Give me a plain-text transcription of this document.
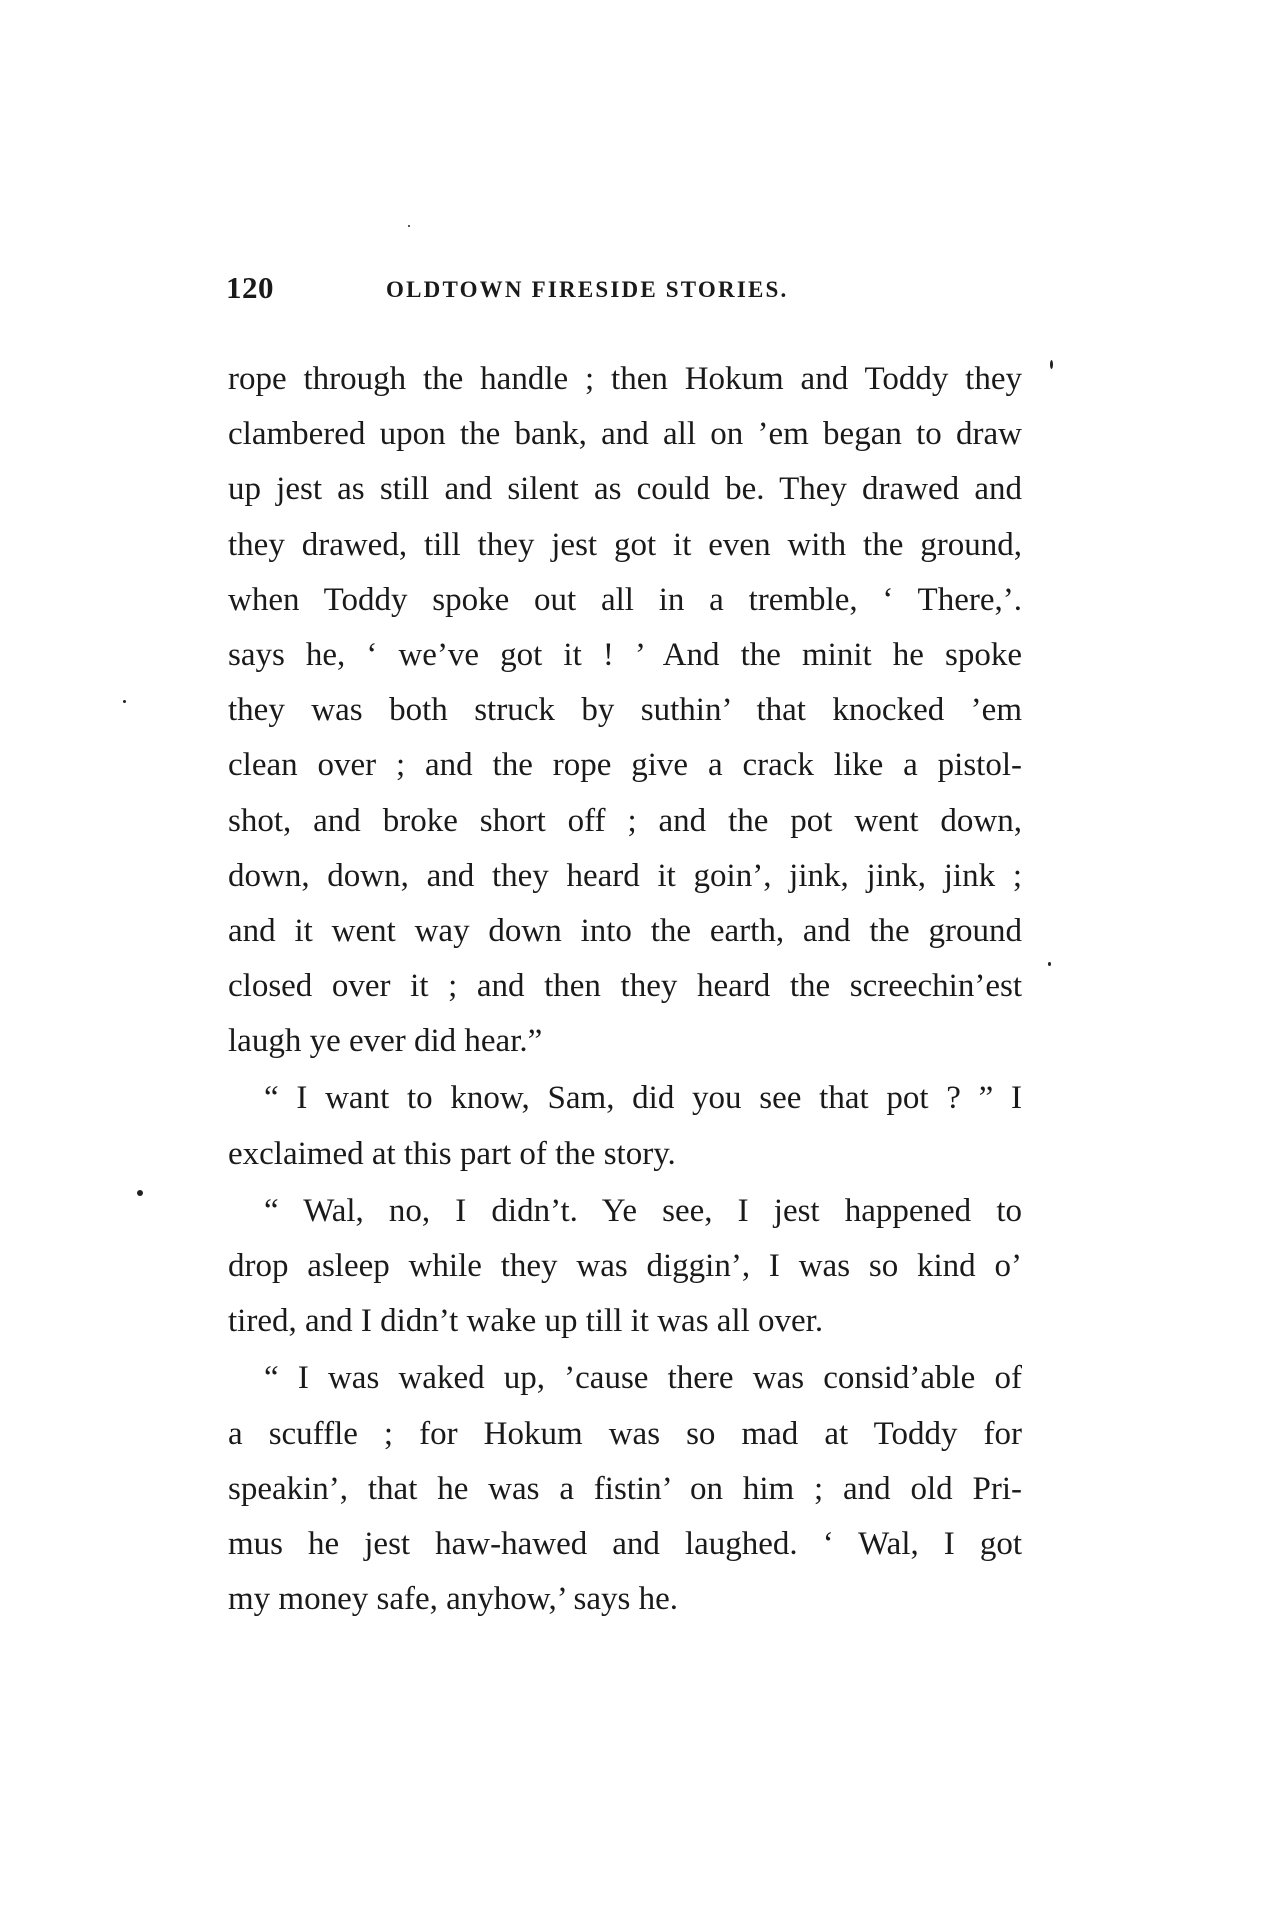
120	OLDTOWN FIRESIDE STORIES.
rope through the handle ; then Hokum and Toddy they
clambered upon the bank, and all on ’em began to draw
up jest as still and silent as could be. They drawed and
they drawed, till they jest got it even with the ground,
when Toddy spoke out all in a tremble, ‘ There,’.
says he, ‘ we’ve got it ! ’ And the minit he spoke
they was both struck by suthin’ that knocked ’em
clean over ; and the rope give a crack like a pistol-
shot, and broke short off ; and the pot went down,
down, down, and they heard it goin’, jink, jink, jink ;
and it went way down into the earth, and the ground
closed over it ; and then they heard the screechin’est
laugh ye ever did hear.”
“ I want to know, Sam, did you see that pot ? ” I
exclaimed at this part of the story.
“ Wal, no, I didn’t. Ye see, I jest happened to
drop asleep while they was diggin’, I was so kind o’
tired, and I didn’t wake up till it was all over.
“ I was waked up, ’cause there was consid’able of
a scuffle ; for Hokum was so mad at Toddy for
speakin’, that he was a fistin’ on him ; and old Pri-
mus he jest haw-hawed and laughed. ‘ Wal, I got
my money safe, anyhow,’ says he.
